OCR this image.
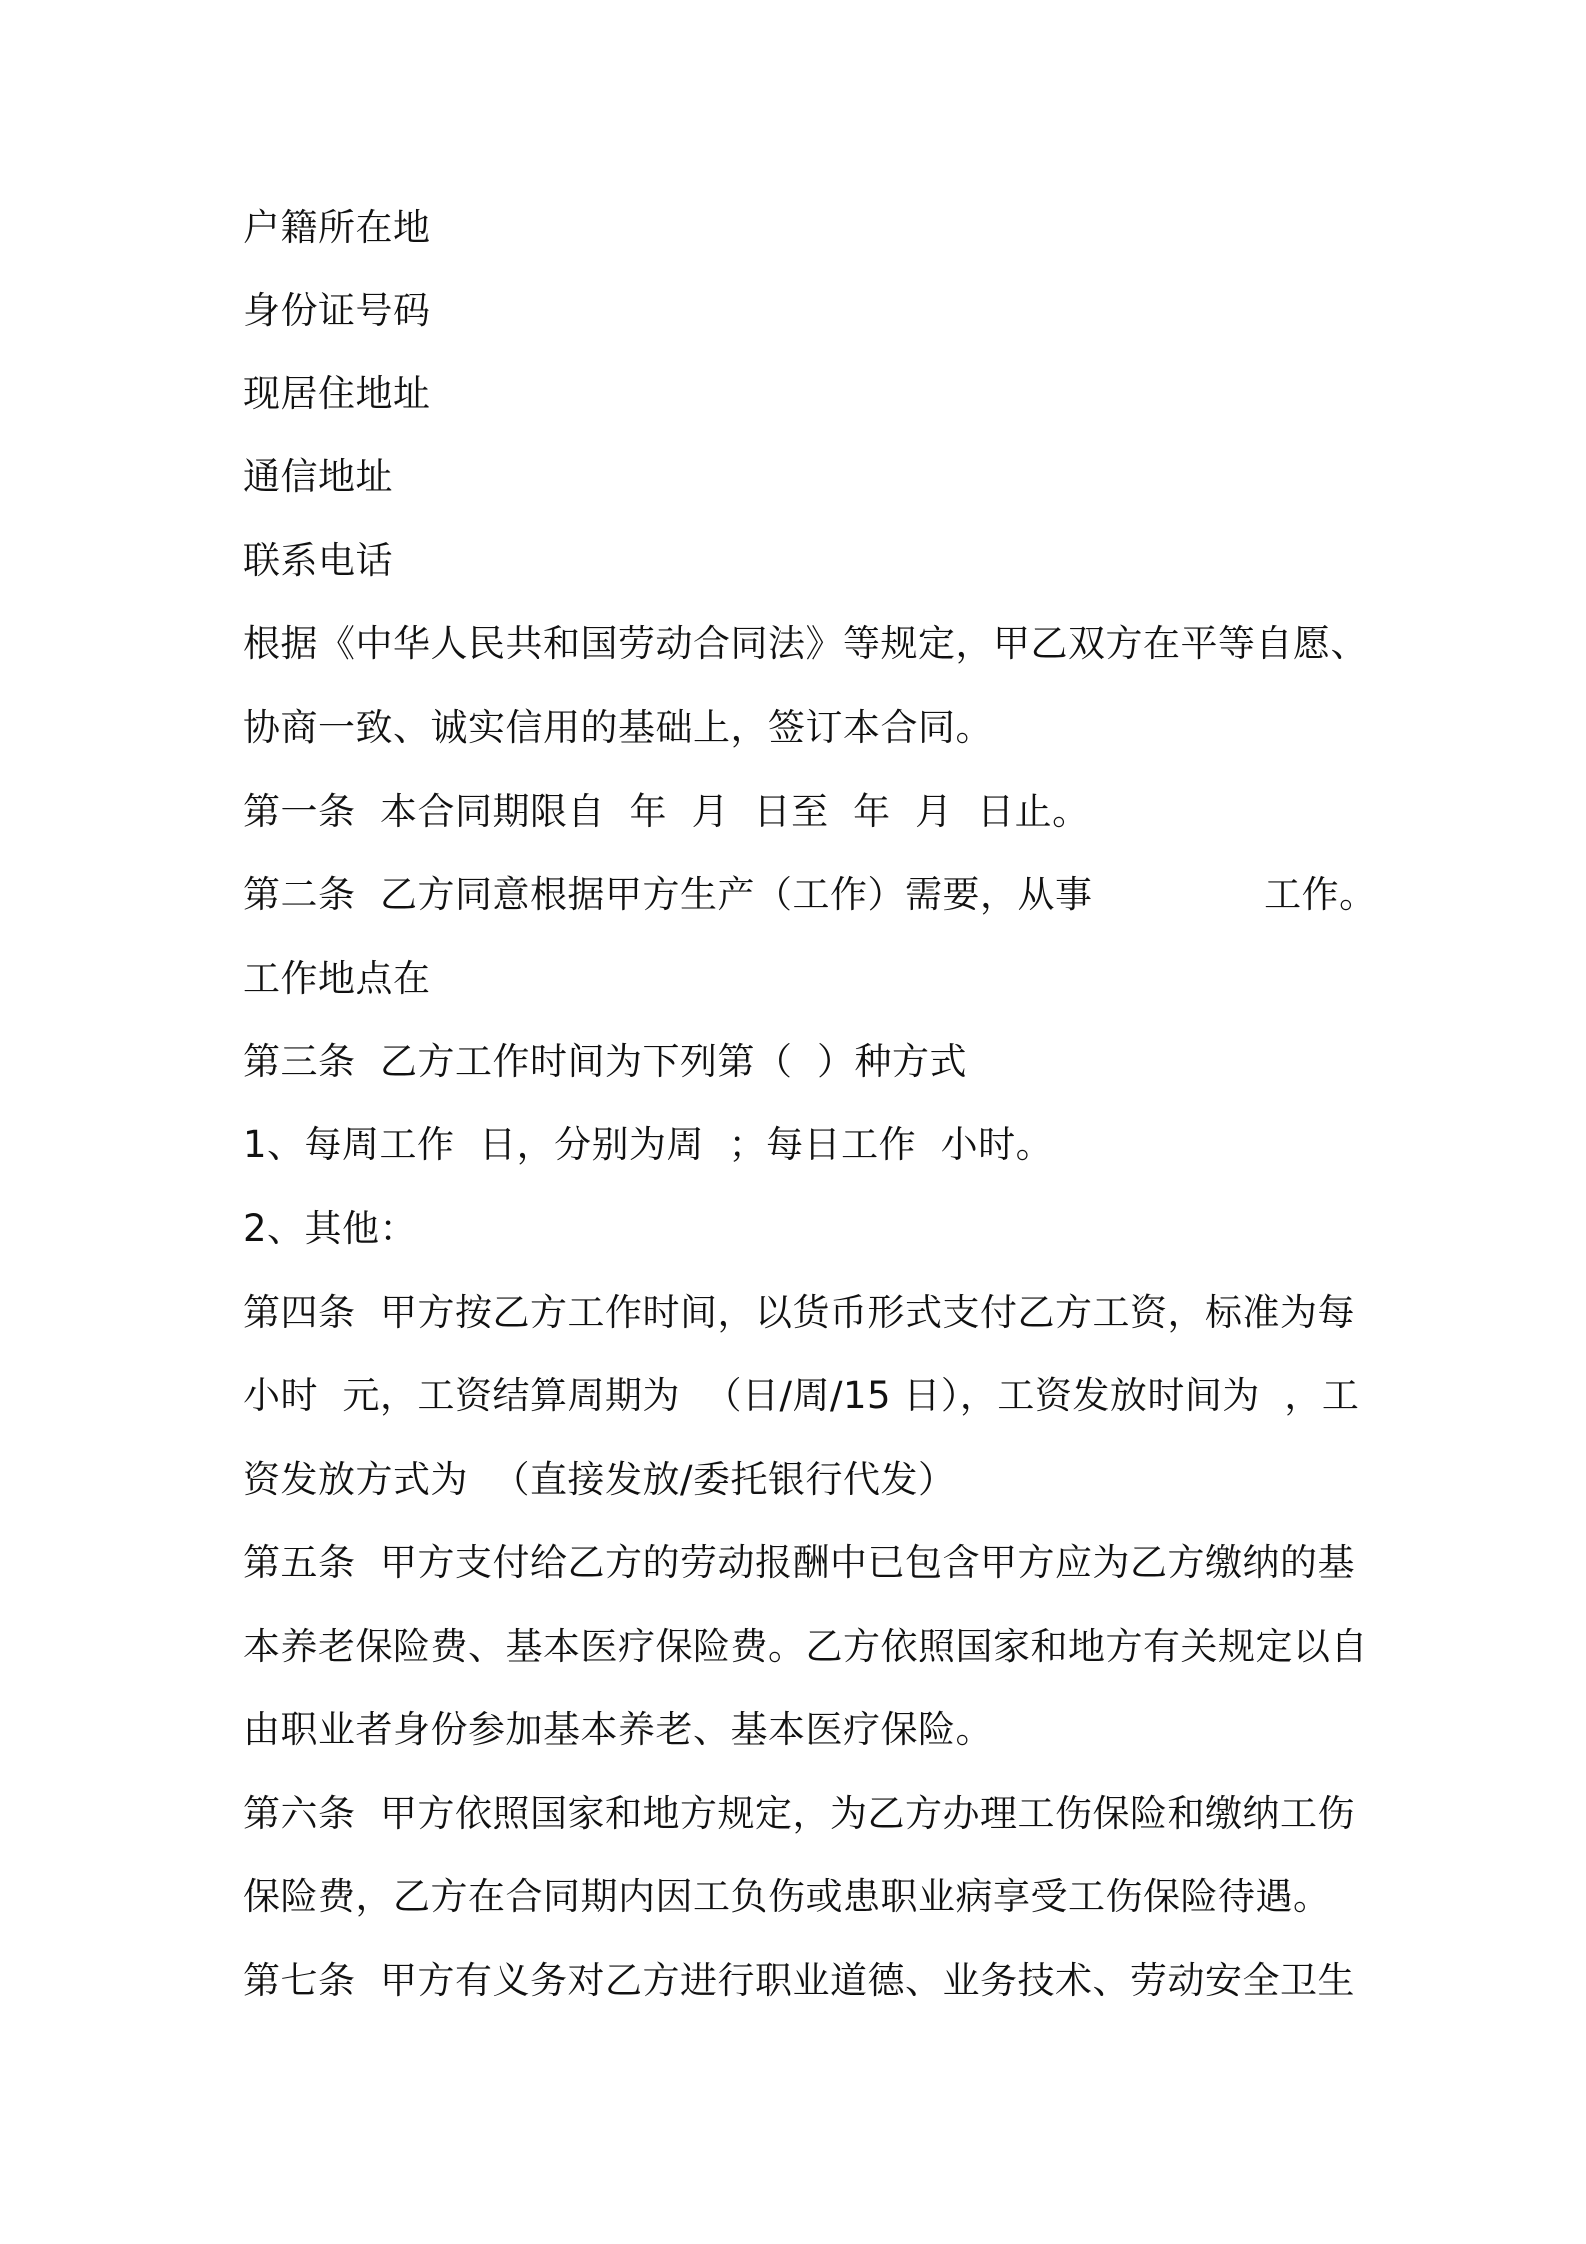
户籍所在地
身份证号码
现居住地址
通信地址
联系电话
根据《中华人民共和国劳动合同法》等规定，甲乙双方在平等自愿、
协商一致、诚实信用的基础上，签订本合同。
第一条  本合同期限自  年  月  日至  年  月  日止。
第二条  乙方同意根据甲方生产（工作）需要，从事              工作。
工作地点在
第三条  乙方工作时间为下列第（  ）种方式
1、每周工作  日，分别为周  ；每日工作  小时。
2、其他：
第四条  甲方按乙方工作时间，以货币形式支付乙方工资，标准为每
小时  元，工资结算周期为  （日/周/15 日），工资发放时间为  ，工
资发放方式为  （直接发放/委托银行代发）
第五条  甲方支付给乙方的劳动报酬中已包含甲方应为乙方缴纳的基
本养老保险费、基本医疗保险费。乙方依照国家和地方有关规定以自
由职业者身份参加基本养老、基本医疗保险。
第六条  甲方依照国家和地方规定，为乙方办理工伤保险和缴纳工伤
保险费，乙方在合同期内因工负伤或患职业病享受工伤保险待遇。
第七条  甲方有义务对乙方进行职业道德、业务技术、劳动安全卫生
